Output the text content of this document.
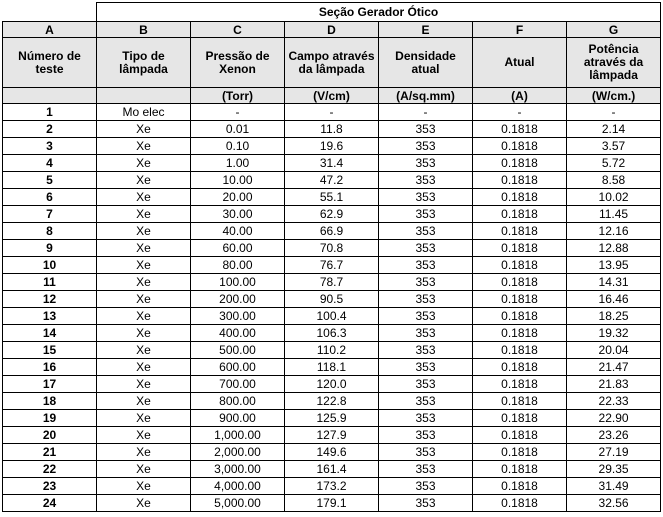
	Seção Gerador Ótico					
A	B	C	D	E	F	G
Número de teste	Tipo de lâmpada	Pressão de Xenon	Campo através da lâmpada	Densidade atual	Atual	Potência através da lâmpada
		(Torr)	(V/cm)	(A/sq.mm)	(A)	(W/cm.)
1	Mo elec	-	-	-	-	-
2	Xe	0.01	11.8	353	0.1818	2.14
3	Xe	0.10	19.6	353	0.1818	3.57
4	Xe	1.00	31.4	353	0.1818	5.72
5	Xe	10.00	47.2	353	0.1818	8.58
6	Xe	20.00	55.1	353	0.1818	10.02
7	Xe	30.00	62.9	353	0.1818	11.45
8	Xe	40.00	66.9	353	0.1818	12.16
9	Xe	60.00	70.8	353	0.1818	12.88
10	Xe	80.00	76.7	353	0.1818	13.95
11	Xe	100.00	78.7	353	0.1818	14.31
12	Xe	200.00	90.5	353	0.1818	16.46
13	Xe	300.00	100.4	353	0.1818	18.25
14	Xe	400.00	106.3	353	0.1818	19.32
15	Xe	500.00	110.2	353	0.1818	20.04
16	Xe	600.00	118.1	353	0.1818	21.47
17	Xe	700.00	120.0	353	0.1818	21.83
18	Xe	800.00	122.8	353	0.1818	22.33
19	Xe	900.00	125.9	353	0.1818	22.90
20	Xe	1,000.00	127.9	353	0.1818	23.26
21	Xe	2,000.00	149.6	353	0.1818	27.19
22	Xe	3,000.00	161.4	353	0.1818	29.35
23	Xe	4,000.00	173.2	353	0.1818	31.49
24	Xe	5,000.00	179.1	353	0.1818	32.56
